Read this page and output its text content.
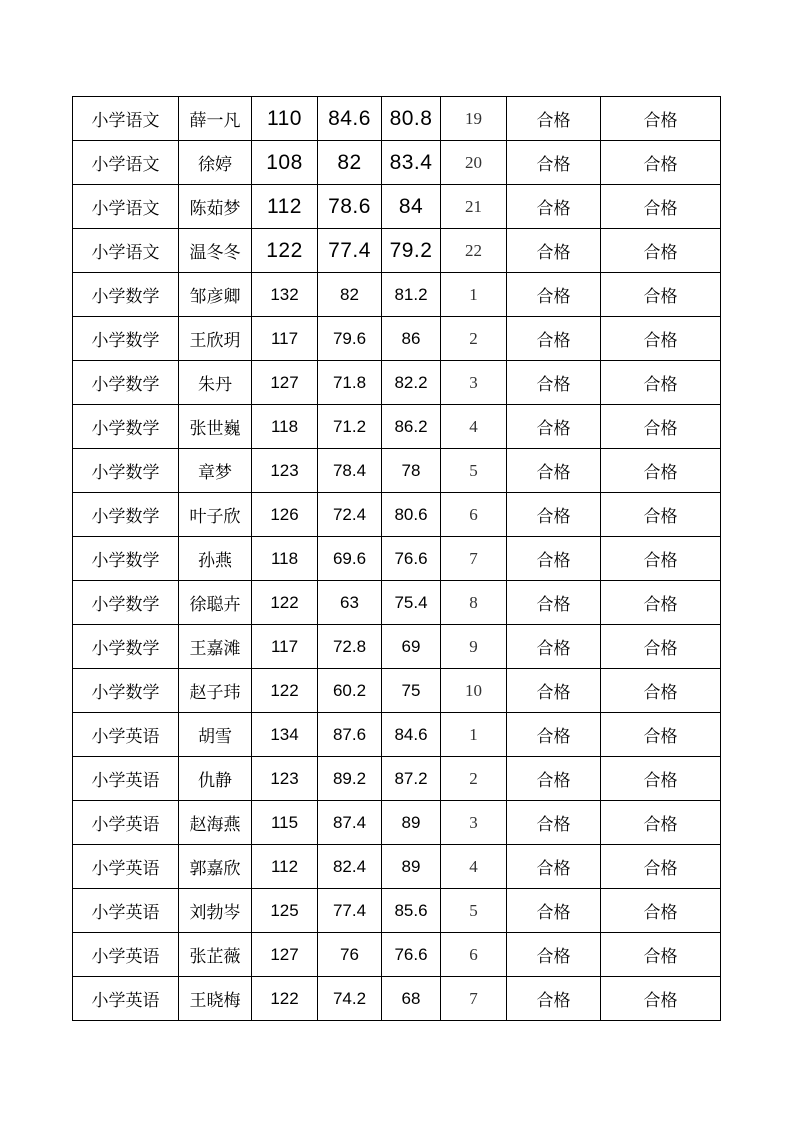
小学语文	薛一凡	110	84.6	80.8	19	合格	合格
小学语文	徐婷	108	82	83.4	20	合格	合格
小学语文	陈茹梦	112	78.6	84	21	合格	合格
小学语文	温冬冬	122	77.4	79.2	22	合格	合格
小学数学	邹彦卿	132	82	81.2	1	合格	合格
小学数学	王欣玥	117	79.6	86	2	合格	合格
小学数学	朱丹	127	71.8	82.2	3	合格	合格
小学数学	张世巍	118	71.2	86.2	4	合格	合格
小学数学	章梦	123	78.4	78	5	合格	合格
小学数学	叶子欣	126	72.4	80.6	6	合格	合格
小学数学	孙燕	118	69.6	76.6	7	合格	合格
小学数学	徐聪卉	122	63	75.4	8	合格	合格
小学数学	王嘉滩	117	72.8	69	9	合格	合格
小学数学	赵子玮	122	60.2	75	10	合格	合格
小学英语	胡雪	134	87.6	84.6	1	合格	合格
小学英语	仇静	123	89.2	87.2	2	合格	合格
小学英语	赵海燕	115	87.4	89	3	合格	合格
小学英语	郭嘉欣	112	82.4	89	4	合格	合格
小学英语	刘勃岑	125	77.4	85.6	5	合格	合格
小学英语	张芷薇	127	76	76.6	6	合格	合格
小学英语	王晓梅	122	74.2	68	7	合格	合格
